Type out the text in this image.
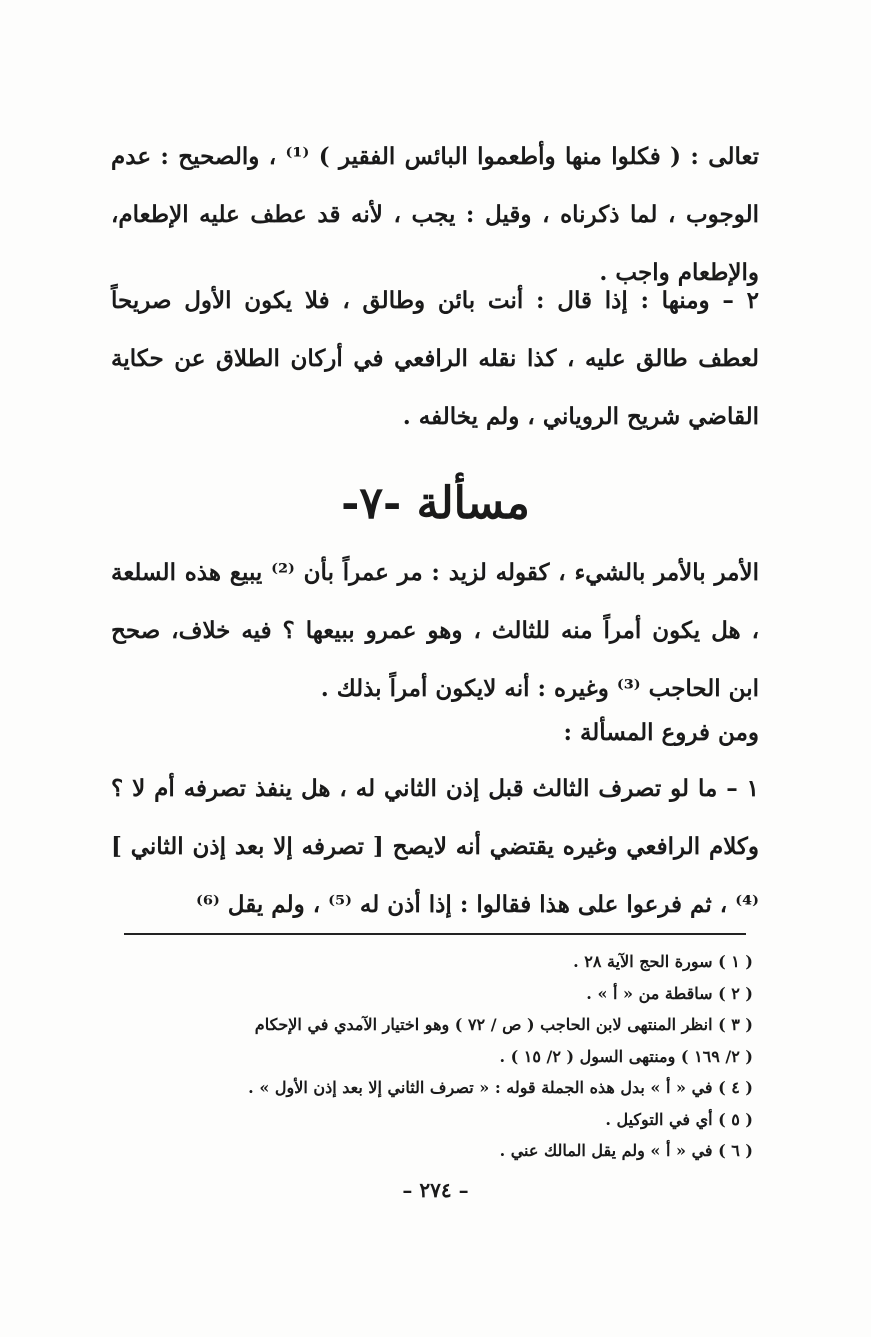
تعالى : ( فكلوا منها وأطعموا البائس الفقير ) ⁽¹⁾ ، والصحيح : عدم الوجوب ، لما ذكرناه ، وقيل : يجب ، لأنه قد عطف عليه الإطعام، والإطعام واجب .

٢ – ومنها : إذا قال : أنت بائن وطالق ، فلا يكون الأول صريحاً لعطف طالق عليه ، كذا نقله الرافعي في أركان الطلاق عن حكاية القاضي شريح الروياني ، ولم يخالفه .

مسألة -٧-

الأمر بالأمر بالشيء ، كقوله لزيد : مر عمراً بأن ⁽²⁾ يبيع هذه السلعة ، هل يكون أمراً منه للثالث ، وهو عمرو ببيعها ؟ فيه خلاف، صحح ابن الحاجب ⁽³⁾ وغيره : أنه لايكون أمراً بذلك .

ومن فروع المسألة :

١ – ما لو تصرف الثالث قبل إذن الثاني له ، هل ينفذ تصرفه أم لا ؟ وكلام الرافعي وغيره يقتضي أنه لايصح [ تصرفه إلا بعد إذن الثاني ] ⁽⁴⁾ ، ثم فرعوا على هذا فقالوا : إذا أذن له ⁽⁵⁾ ، ولم يقل ⁽⁶⁾

( ١ ) سورة الحج الآية ٢٨ .

( ٢ ) ساقطة من « أ » .

( ٣ ) انظر المنتهى لابن الحاجب ( ص / ٧٢ ) وهو اختيار الآمدي في الإحكام

( ٢/ ١٦٩ ) ومنتهى السول ( ٢/ ١٥ ) .

( ٤ ) في « أ » بدل هذه الجملة قوله : « تصرف الثاني إلا بعد إذن الأول » .

( ٥ ) أي في التوكيل .

( ٦ ) في « أ » ولم يقل المالك عني .

– ٢٧٤ –
